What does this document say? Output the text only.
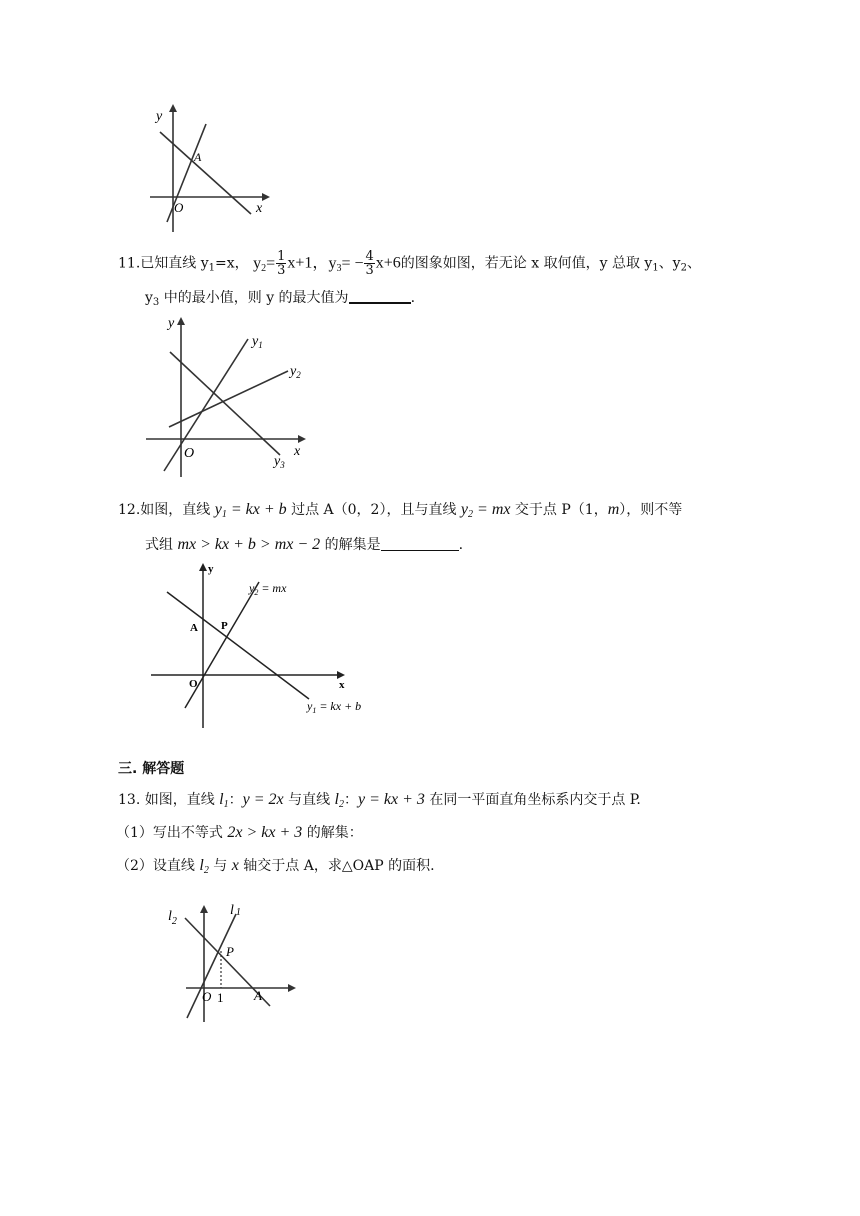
y
x
O
A
11.已知直线 $y_1=x$， $y_2= \frac{1}{3} x+1$，$y_3= - \frac{4}{3} x+6$的图象如图，若无论 x 取何值，y 总取 $y_1$、$y_2$、
$y_3$ 中的最小值，则 y 的最大值为	.
y
x
O
$y_1$
$y_2$
$y_3$
12.如图，直线 $y_1$ = kx + b 过点 A（0，2），且与直线 $y_2$ = mx 交于点 P（1，m），则不等
式组 mx > kx + b > mx − 2 的解集是	.
y
x
O
A P
$y_2$ = mx
$y_1$ = kx + b
三. 解答题
13. 如图，直线 $l_1$：y = 2x 与直线 $l_2$：y = kx + 3 在同一平面直角坐标系内交于点 P.
（1）写出不等式 2x > kx + 3 的解集：
（2）设直线 $l_2$ 与 x 轴交于点 A，求△OAP 的面积.
$l_2$
l 1
P
O 1 A
